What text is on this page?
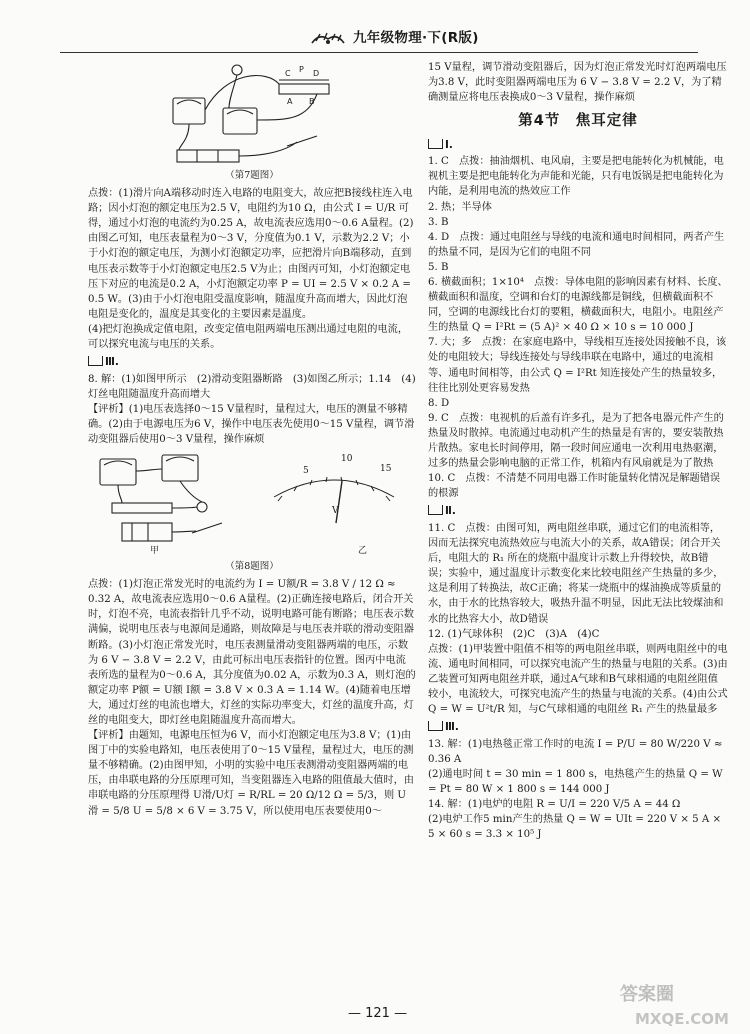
九年级物理·下(R版)
C P D
A B
（第7题图）

点拨：(1)滑片向A端移动时连入电路的电阻变大，故应把B接线柱连入电路；因小灯泡的额定电压为2.5 V，电阻约为10 Ω，由公式 I = U/R 可得，通过小灯泡的电流约为0.25 A，故电流表应选用0～0.6 A量程。(2)由图乙可知，电压表量程为0～3 V，分度值为0.1 V，示数为2.2 V；小于小灯泡的额定电压，为测小灯泡额定功率，应把滑片向B端移动，直到电压表示数等于小灯泡额定电压2.5 V为止；由图丙可知，小灯泡额定电压下对应的电流是0.2 A，小灯泡额定功率 P = UI = 2.5 V × 0.2 A = 0.5 W。(3)由于小灯泡电阻受温度影响，随温度升高而增大，因此灯泡电阻是变化的，温度是其变化的主要因素是温度。

(4)把灯泡换成定值电阻，改变定值电阻两端电压测出通过电阻的电流，可以探究电流与电压的关系。

Ⅲ.

8. 解：(1)如图甲所示　(2)滑动变阻器断路　(3)如图乙所示；1.14　(4)灯丝电阻随温度升高而增大

【评析】(1)电压表选择0～15 V量程时，量程过大，电压的测量不够精确。(2)由于电源电压为6 V，操作中电压表先使用0～15 V量程，调节滑动变阻器后使用0～3 V量程，操作麻烦

甲
5
10
15
V
乙
（第8题图）

点拨：(1)灯泡正常发光时的电流约为 I = U额/R = 3.8 V / 12 Ω ≈ 0.32 A，故电流表应选用0～0.6 A量程。(2)正确连接电路后，闭合开关时，灯泡不亮，电流表指针几乎不动，说明电路可能有断路；电压表示数满偏，说明电压表与电源间是通路，则故障是与电压表并联的滑动变阻器断路。(3)小灯泡正常发光时，电压表测量滑动变阻器两端的电压，示数为 6 V − 3.8 V = 2.2 V，由此可标出电压表指针的位置。图丙中电流表所选的量程为0～0.6 A，其分度值为0.02 A，示数为0.3 A，则灯泡的额定功率 P额 = U额 I额 = 3.8 V × 0.3 A = 1.14 W。(4)随着电压增大，通过灯丝的电流也增大，灯丝的实际功率变大，灯丝的温度升高，灯丝的电阻变大，即灯丝电阻随温度升高而增大。

【评析】由题知，电源电压恒为6 V，而小灯泡额定电压为3.8 V；(1)由图丁中的实验电路知，电压表使用了0～15 V量程，量程过大，电压的测量不够精确。(2)由图甲知，小明的实验中电压表测滑动变阻器两端的电压，由串联电路的分压原理可知，当变阻器连入电路的阻值最大值时，由串联电路的分压原理得 U滑/U灯 = R/RL = 20 Ω/12 Ω = 5/3，则 U滑 = 5/8 U = 5/8 × 6 V = 3.75 V，所以使用电压表要使用0～

15 V量程，调节滑动变阻器后，因为灯泡正常发光时灯泡两端电压为3.8 V，此时变阻器两端电压为 6 V − 3.8 V = 2.2 V，为了精确测量应将电压表换成0～3 V量程，操作麻烦

第4节　焦耳定律
Ⅰ.

1. C　点拨：抽油烟机、电风扇，主要是把电能转化为机械能，电视机主要是把电能转化为声能和光能，只有电饭锅是把电能转化为内能，是利用电流的热效应工作

2. 热；半导体

3. B

4. D　点拨：通过电阻丝与导线的电流和通电时间相同，两者产生的热量不同，是因为它们的电阻不同

5. B

6. 横截面积；1×10⁴　点拨：导体电阻的影响因素有材料、长度、横截面积和温度，空调和台灯的电源线都是铜线，但横截面积不同，空调的电源线比台灯的要粗，横截面积大，电阻小。电阻丝产生的热量 Q = I²Rt = (5 A)² × 40 Ω × 10 s = 10 000 J

7. 大；多　点拨：在家庭电路中，导线相互连接处因接触不良，该处的电阻较大；导线连接处与导线串联在电路中，通过的电流相等、通电时间相等，由公式 Q = I²Rt 知连接处产生的热量较多，往往比别处更容易发热

8. D

9. C　点拨：电视机的后盖有许多孔，是为了把各电器元件产生的热量及时散掉。电流通过电动机产生的热量是有害的，要安装散热片散热。家电长时间停用，隔一段时间应通电一次利用电热驱潮，过多的热量会影响电脑的正常工作，机箱内有风扇就是为了散热

10. C　点拨：不清楚不同用电器工作时能量转化情况是解题错误的根源

Ⅱ.

11. C　点拨：由图可知，两电阻丝串联，通过它们的电流相等，因而无法探究电流热效应与电流大小的关系，故A错误；闭合开关后，电阻大的 R₁ 所在的烧瓶中温度计示数上升得较快，故B错误；实验中，通过温度计示数变化来比较电阻丝产生热量的多少，这是利用了转换法，故C正确；将某一烧瓶中的煤油换成等质量的水，由于水的比热容较大，吸热升温不明显，因此无法比较煤油和水的比热容大小，故D错误

12. (1)气球体积　(2)C　(3)A　(4)C

点拨：(1)甲装置中阻值不相等的两电阻丝串联，则两电阻丝中的电流、通电时间相同，可以探究电流产生的热量与电阻的关系。(3)由乙装置可知两电阻丝并联，通过A气球和B气球相通的电阻丝阻值较小，电流较大，可探究电流产生的热量与电流的关系。(4)由公式 Q = W = U²t/R 知，与C气球相通的电阻丝 R₁ 产生的热量最多

Ⅲ.

13. 解：(1)电热毯正常工作时的电流 I = P/U = 80 W/220 V ≈ 0.36 A

(2)通电时间 t = 30 min = 1 800 s，电热毯产生的热量 Q = W = Pt = 80 W × 1 800 s = 144 000 J

14. 解：(1)电炉的电阻 R = U/I = 220 V/5 A = 44 Ω

(2)电炉工作5 min产生的热量 Q = W = UIt = 220 V × 5 A × 5 × 60 s = 3.3 × 10⁵ J

— 121 —
答案圈
MXQE.COM
